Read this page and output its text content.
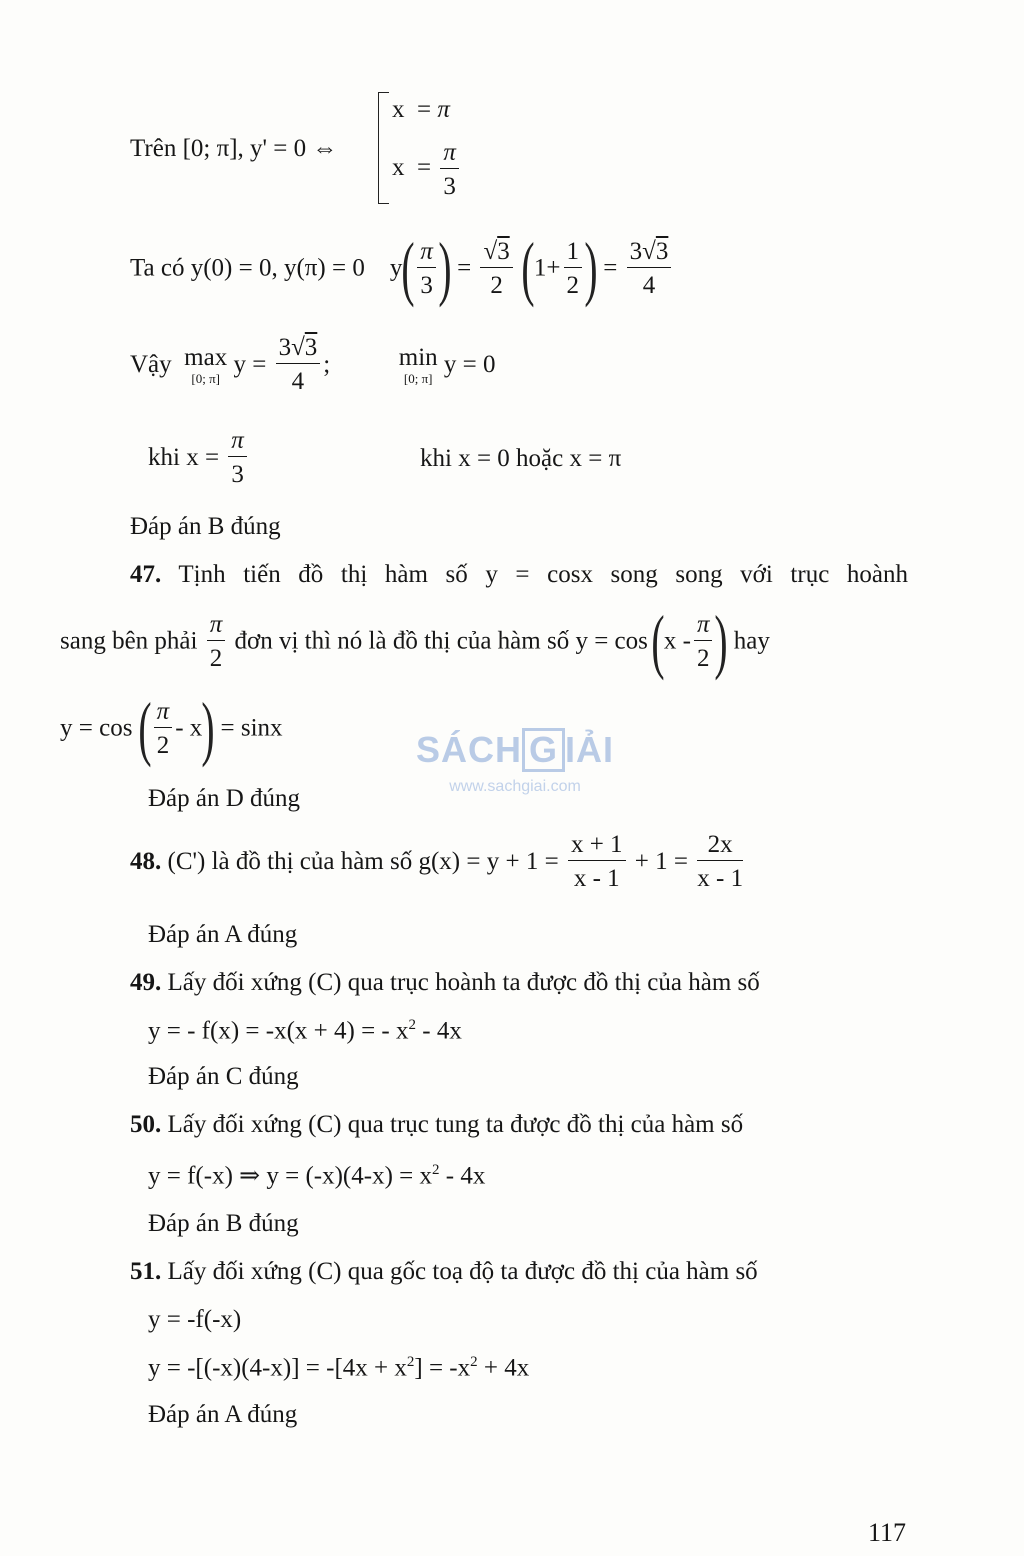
SÁCH G IẢI
www.sachgiai.com
Trên [0; π], y' = 0 ⇔
x = π
$x = \frac{\pi}{3}$
Ta có y(0) = 0, y(π) = 0 $y( \frac{\pi}{3}$ ) = $\frac{√3}{2} (1+ \frac{1}{2}$ ) = $\frac{3√3}{4}$
Vậy max
[0; π] $y = \frac{3√3}{4}$ ;	min
[0; π] y = 0
khi $x = \frac{\pi}{3}$	khi x = 0 hoặc x = π
Đáp án B đúng
47. Tịnh tiến đồ thị hàm số y = cosx song song với trục hoành
sang bên phải $\frac{\pi}{2}$ đơn vị thì nó là đồ thị của hàm số $y = \cos(x - \frac{\pi}{2}$ ) hay
y = cos ( $\frac{\pi}{2} - x) = \sin x$
Đáp án D đúng
48. (C') là đồ thị của hàm số $g(x) = y + 1 = \frac{x + 1}{x - 1} + 1 = \frac{2x}{x - 1}$
Đáp án A đúng
49. Lấy đối xứng (C) qua trục hoành ta được đồ thị của hàm số
y = - f(x) = -x(x + 4) = - $x^2 - 4x$
Đáp án C đúng
50. Lấy đối xứng (C) qua trục tung ta được đồ thị của hàm số
y = f(-x) ⇒ $y = (-x)(4-x) = x^2 - 4x$
Đáp án B đúng
51. Lấy đối xứng (C) qua gốc toạ độ ta được đồ thị của hàm số
y = -f(-x)
$y = -[(-x)(4-x)] = -[4x + x^2] = -x^2 + 4x$
Đáp án A đúng
117
